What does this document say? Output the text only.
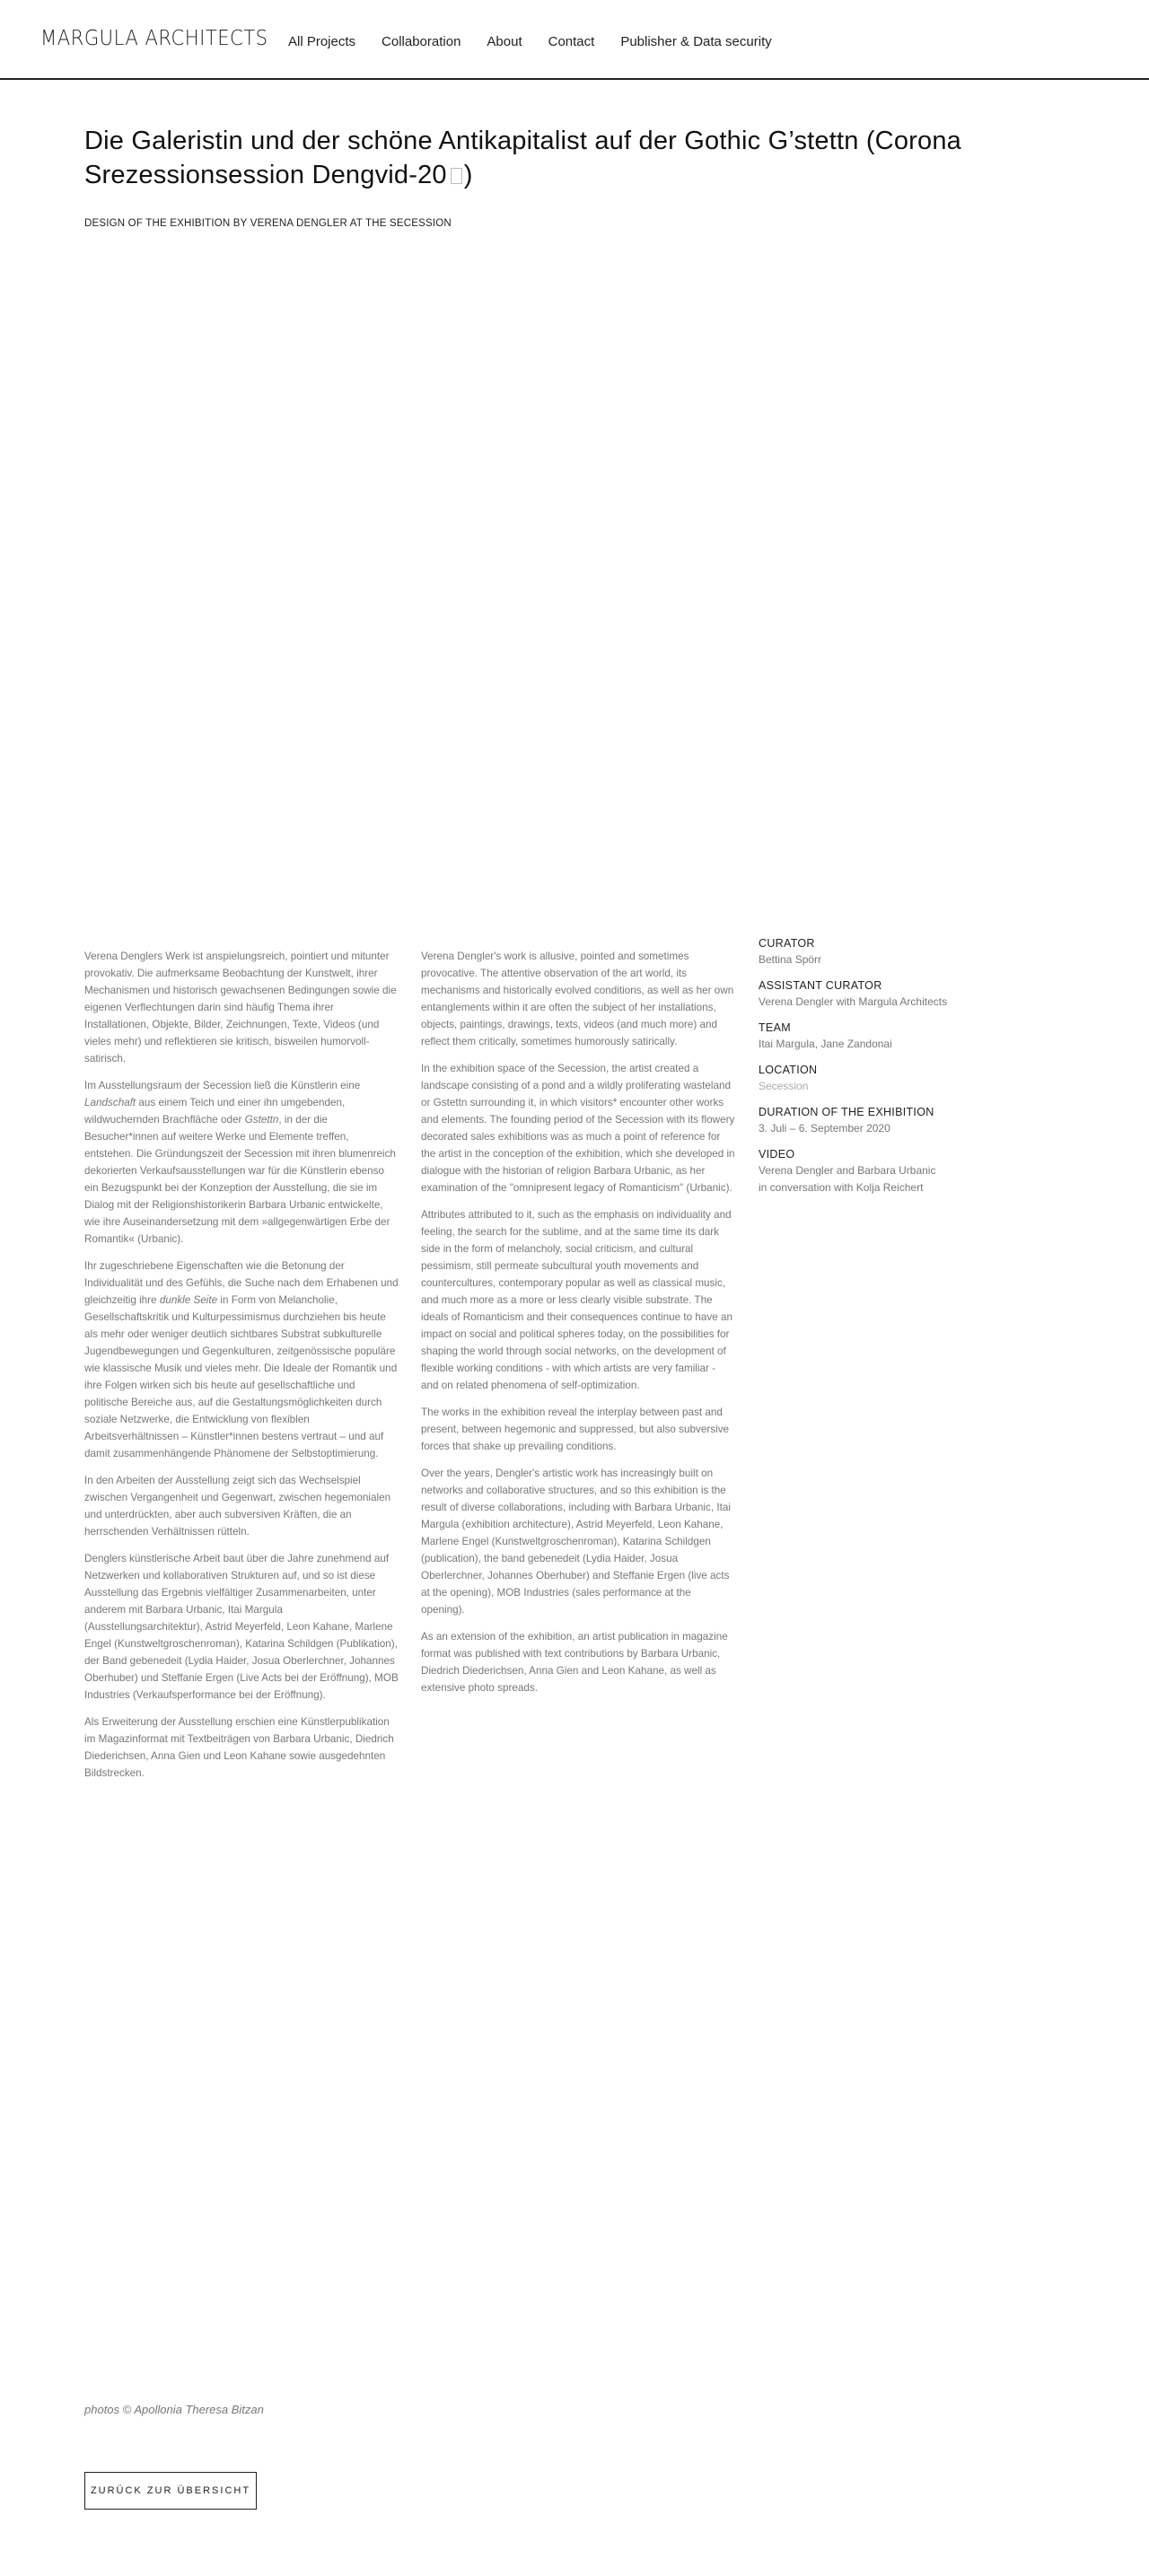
MARGULA ARCHITECTS All Projects Collaboration About Contact Publisher & Data security
Die Galeristin und der schöne Antikapitalist auf der Gothic G’stettn (Corona
Srezessionsession Dengvid-20 )
DESIGN OF THE EXHIBITION BY VERENA DENGLER AT THE SECESSION

Verena Denglers Werk ist anspielungsreich, pointiert und mitunter provokativ. Die aufmerksame Beobachtung der Kunstwelt, ihrer Mechanismen und historisch gewachsenen Bedingungen sowie die eigenen Verflechtungen darin sind häufig Thema ihrer Installationen, Objekte, Bilder, Zeichnungen, Texte, Videos (und vieles mehr) und reflektieren sie kritisch, bisweilen humorvoll-satirisch.

Im Ausstellungsraum der Secession ließ die Künstlerin eine Landschaft aus einem Teich und einer ihn umgebenden, wildwuchernden Brachfläche oder Gstettn, in der die Besucher*innen auf weitere Werke und Elemente treffen, entstehen. Die Gründungszeit der Secession mit ihren blumenreich dekorierten Verkaufsausstellungen war für die Künstlerin ebenso ein Bezugspunkt bei der Konzeption der Ausstellung, die sie im Dialog mit der Religionshistorikerin Barbara Urbanic entwickelte, wie ihre Auseinandersetzung mit dem »allgegenwärtigen Erbe der Romantik« (Urbanic).

Ihr zugeschriebene Eigenschaften wie die Betonung der Individualität und des Gefühls, die Suche nach dem Erhabenen und gleichzeitig ihre dunkle Seite in Form von Melancholie, Gesellschaftskritik und Kulturpessimismus durchziehen bis heute als mehr oder weniger deutlich sichtbares Substrat subkulturelle Jugendbewegungen und Gegenkulturen, zeitgenössische populäre wie klassische Musik und vieles mehr. Die Ideale der Romantik und ihre Folgen wirken sich bis heute auf gesellschaftliche und politische Bereiche aus, auf die Gestaltungsmöglichkeiten durch soziale Netzwerke, die Entwicklung von flexiblen Arbeitsverhältnissen – Künstler*innen bestens vertraut – und auf damit zusammenhängende Phänomene der Selbstoptimierung.

In den Arbeiten der Ausstellung zeigt sich das Wechselspiel zwischen Vergangenheit und Gegenwart, zwischen hegemonialen und unterdrückten, aber auch subversiven Kräften, die an herrschenden Verhältnissen rütteln.

Denglers künstlerische Arbeit baut über die Jahre zunehmend auf Netzwerken und kollaborativen Strukturen auf, und so ist diese Ausstellung das Ergebnis vielfältiger Zusammenarbeiten, unter anderem mit Barbara Urbanic, Itai Margula (Ausstellungsarchitektur), Astrid Meyerfeld, Leon Kahane, Marlene Engel (Kunstweltgroschenroman), Katarina Schildgen (Publikation), der Band gebenedeit (Lydia Haider, Josua Oberlerchner, Johannes Oberhuber) und Steffanie Ergen (Live Acts bei der Eröffnung), MOB Industries (Verkaufsperformance bei der Eröffnung).

Als Erweiterung der Ausstellung erschien eine Künstlerpublikation im Magazinformat mit Textbeiträgen von Barbara Urbanic, Diedrich Diederichsen, Anna Gien und Leon Kahane sowie ausgedehnten Bildstrecken.

Verena Dengler's work is allusive, pointed and sometimes provocative. The attentive observation of the art world, its mechanisms and historically evolved conditions, as well as her own entanglements within it are often the subject of her installations, objects, paintings, drawings, texts, videos (and much more) and reflect them critically, sometimes humorously satirically.

In the exhibition space of the Secession, the artist created a landscape consisting of a pond and a wildly proliferating wasteland or Gstettn surrounding it, in which visitors* encounter other works and elements. The founding period of the Secession with its flowery decorated sales exhibitions was as much a point of reference for the artist in the conception of the exhibition, which she developed in dialogue with the historian of religion Barbara Urbanic, as her examination of the "omnipresent legacy of Romanticism" (Urbanic).

Attributes attributed to it, such as the emphasis on individuality and feeling, the search for the sublime, and at the same time its dark side in the form of melancholy, social criticism, and cultural pessimism, still permeate subcultural youth movements and countercultures, contemporary popular as well as classical music, and much more as a more or less clearly visible substrate. The ideals of Romanticism and their consequences continue to have an impact on social and political spheres today, on the possibilities for shaping the world through social networks, on the development of flexible working conditions - with which artists are very familiar - and on related phenomena of self-optimization.

The works in the exhibition reveal the interplay between past and present, between hegemonic and suppressed, but also subversive forces that shake up prevailing conditions.

Over the years, Dengler's artistic work has increasingly built on networks and collaborative structures, and so this exhibition is the result of diverse collaborations, including with Barbara Urbanic, Itai Margula (exhibition architecture), Astrid Meyerfeld, Leon Kahane, Marlene Engel (Kunstweltgroschenroman), Katarina Schildgen (publication), the band gebenedeit (Lydia Haider, Josua Oberlerchner, Johannes Oberhuber) and Steffanie Ergen (live acts at the opening), MOB Industries (sales performance at the opening).

As an extension of the exhibition, an artist publication in magazine format was published with text contributions by Barbara Urbanic, Diedrich Diederichsen, Anna Gien and Leon Kahane, as well as extensive photo spreads.

CURATOR
Bettina Spörr
ASSISTANT CURATOR
Verena Dengler with Margula Architects
TEAM
Itai Margula, Jane Zandonai
LOCATION
Secession
DURATION OF THE EXHIBITION
3. Juli – 6. September 2020
VIDEO
Verena Dengler and Barbara Urbanic
in conversation with Kolja Reichert
photos © Apollonia Theresa Bitzan
ZURÜCK ZUR ÜBERSICHT
